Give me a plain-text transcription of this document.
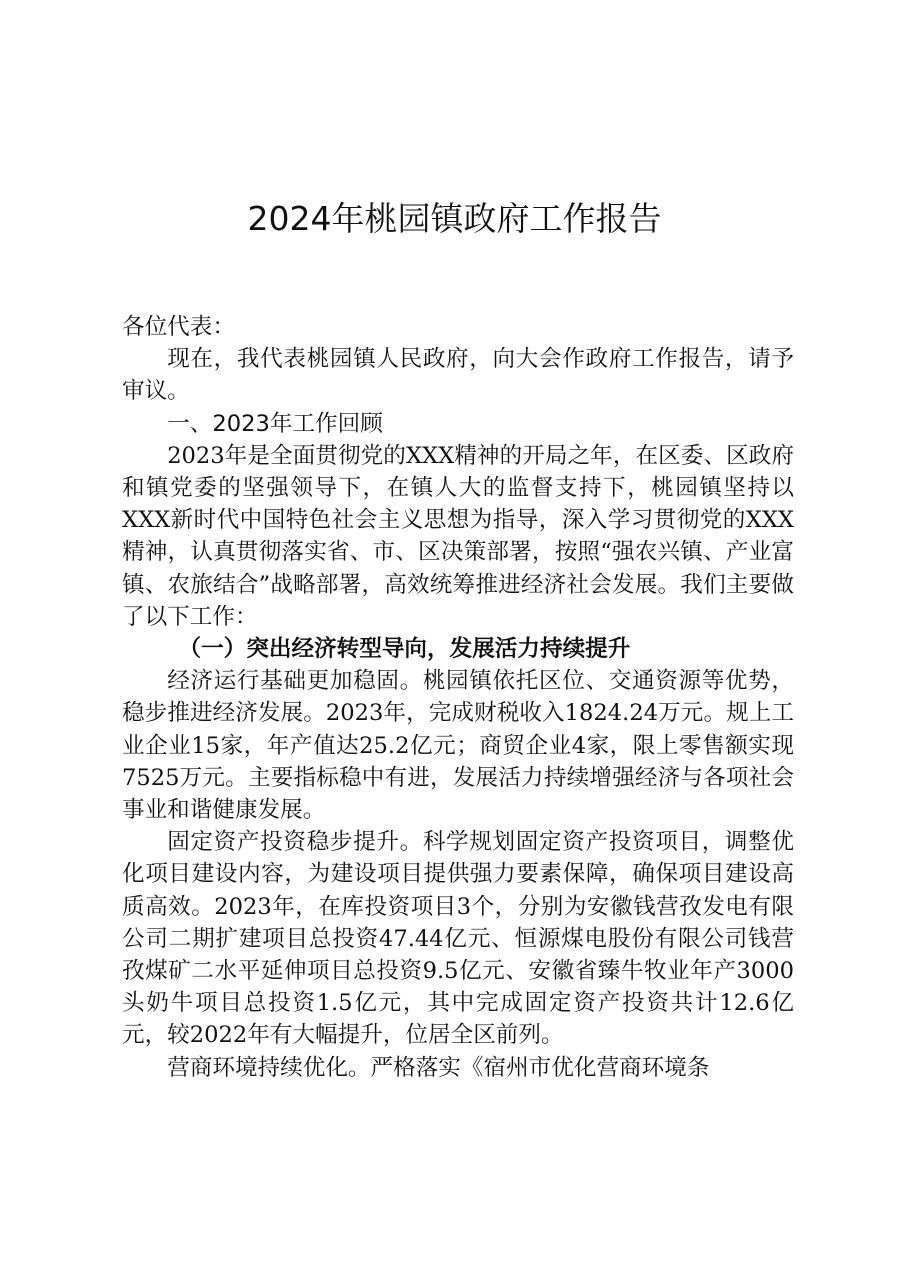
2024年桃园镇政府工作报告

各位代表：

现在，我代表桃园镇人民政府，向大会作政府工作报告，请予审议。

一、2023年工作回顾

2023年是全面贯彻党的XXX精神的开局之年，在区委、区政府和镇党委的坚强领导下，在镇人大的监督支持下，桃园镇坚持以XXX新时代中国特色社会主义思想为指导，深入学习贯彻党的XXX精神，认真贯彻落实省、市、区决策部署，按照“强农兴镇、产业富镇、农旅结合”战略部署，高效统筹推进经济社会发展。我们主要做了以下工作：

（一）突出经济转型导向，发展活力持续提升

经济运行基础更加稳固。桃园镇依托区位、交通资源等优势，稳步推进经济发展。2023年，完成财税收入1824.24万元。规上工业企业15家，年产值达25.2亿元；商贸企业4家，限上零售额实现7525万元。主要指标稳中有进，发展活力持续增强经济与各项社会事业和谐健康发展。

固定资产投资稳步提升。科学规划固定资产投资项目，调整优化项目建设内容，为建设项目提供强力要素保障，确保项目建设高质高效。2023年，在库投资项目3个，分别为安徽钱营孜发电有限公司二期扩建项目总投资47.44亿元、恒源煤电股份有限公司钱营孜煤矿二水平延伸项目总投资9.5亿元、安徽省臻牛牧业年产3000头奶牛项目总投资1.5亿元，其中完成固定资产投资共计12.6亿元，较2022年有大幅提升，位居全区前列。

营商环境持续优化。严格落实《宿州市优化营商环境条
